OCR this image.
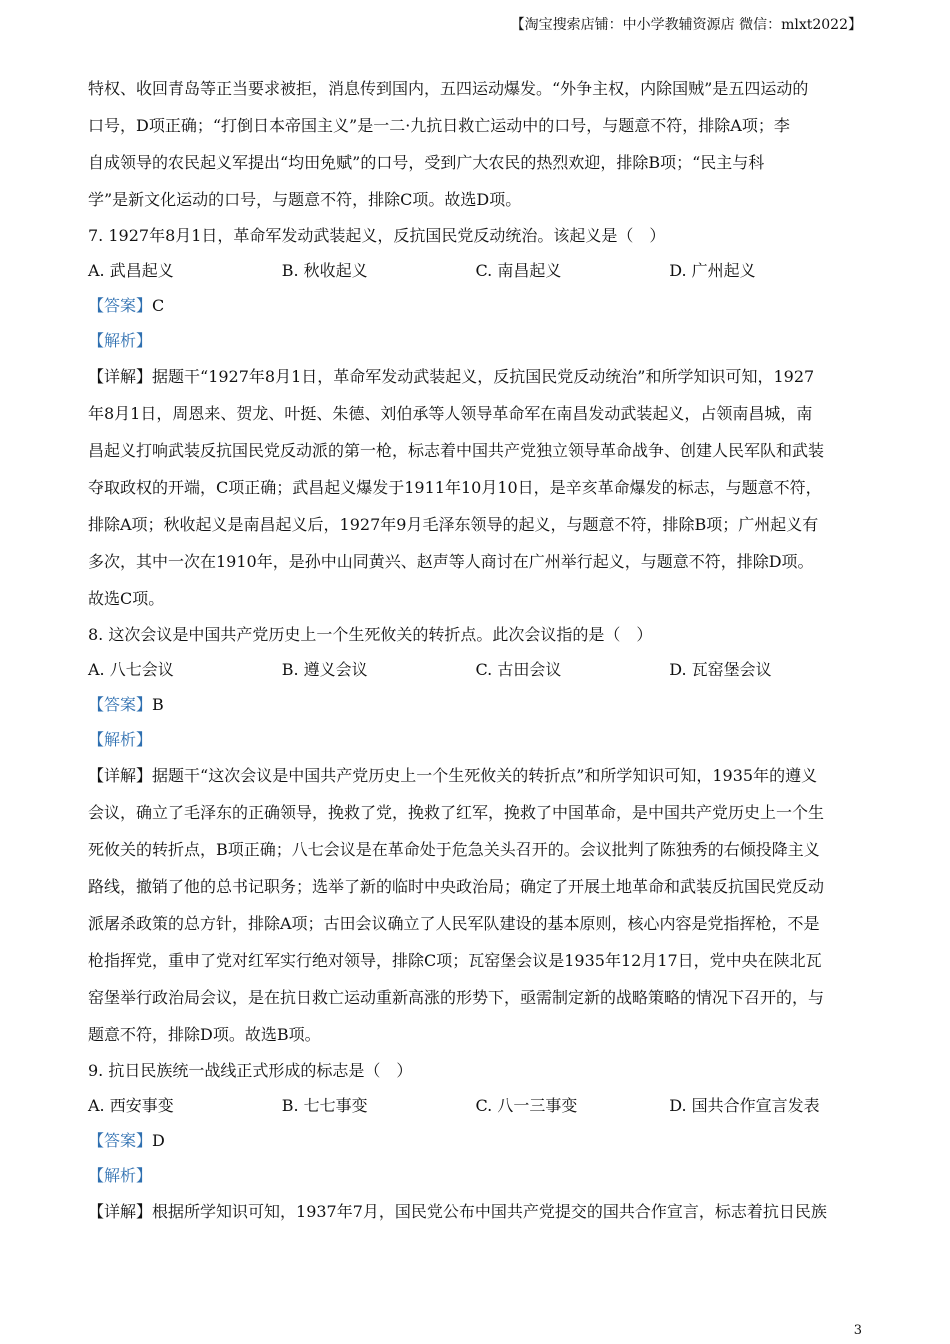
【淘宝搜索店铺：中小学教辅资源店 微信：mlxt2022】
特权、收回青岛等正当要求被拒，消息传到国内，五四运动爆发。“外争主权，内除国贼”是五四运动的
口号，D项正确；“打倒日本帝国主义”是一二·九抗日救亡运动中的口号，与题意不符，排除A项；李
自成领导的农民起义军提出“均田免赋”的口号，受到广大农民的热烈欢迎，排除B项；“民主与科
学”是新文化运动的口号，与题意不符，排除C项。故选D项。
7. 1927年8月1日，革命军发动武装起义，反抗国民党反动统治。该起义是（　）
A. 武昌起义	B. 秋收起义	C. 南昌起义	D. 广州起义
【答案】C
【解析】
【详解】据题干“1927年8月1日，革命军发动武装起义，反抗国民党反动统治”和所学知识可知，1927
年8月1日，周恩来、贺龙、叶挺、朱德、刘伯承等人领导革命军在南昌发动武装起义，占领南昌城，南
昌起义打响武装反抗国民党反动派的第一枪，标志着中国共产党独立领导革命战争、创建人民军队和武装
夺取政权的开端，C项正确；武昌起义爆发于1911年10月10日，是辛亥革命爆发的标志，与题意不符，
排除A项；秋收起义是南昌起义后，1927年9月毛泽东领导的起义，与题意不符，排除B项；广州起义有
多次，其中一次在1910年，是孙中山同黄兴、赵声等人商讨在广州举行起义，与题意不符，排除D项。
故选C项。
8. 这次会议是中国共产党历史上一个生死攸关的转折点。此次会议指的是（　）
A. 八七会议	B. 遵义会议	C. 古田会议	D. 瓦窑堡会议
【答案】B
【解析】
【详解】据题干“这次会议是中国共产党历史上一个生死攸关的转折点”和所学知识可知，1935年的遵义
会议，确立了毛泽东的正确领导，挽救了党，挽救了红军，挽救了中国革命，是中国共产党历史上一个生
死攸关的转折点，B项正确；八七会议是在革命处于危急关头召开的。会议批判了陈独秀的右倾投降主义
路线，撤销了他的总书记职务；选举了新的临时中央政治局；确定了开展土地革命和武装反抗国民党反动
派屠杀政策的总方针，排除A项；古田会议确立了人民军队建设的基本原则，核心内容是党指挥枪，不是
枪指挥党，重申了党对红军实行绝对领导，排除C项；瓦窑堡会议是1935年12月17日，党中央在陕北瓦
窑堡举行政治局会议，是在抗日救亡运动重新高涨的形势下，亟需制定新的战略策略的情况下召开的，与
题意不符，排除D项。故选B项。
9. 抗日民族统一战线正式形成的标志是（　）
A. 西安事变	B. 七七事变	C. 八一三事变	D. 国共合作宣言发表
【答案】D
【解析】
【详解】根据所学知识可知，1937年7月，国民党公布中国共产党提交的国共合作宣言，标志着抗日民族
3
